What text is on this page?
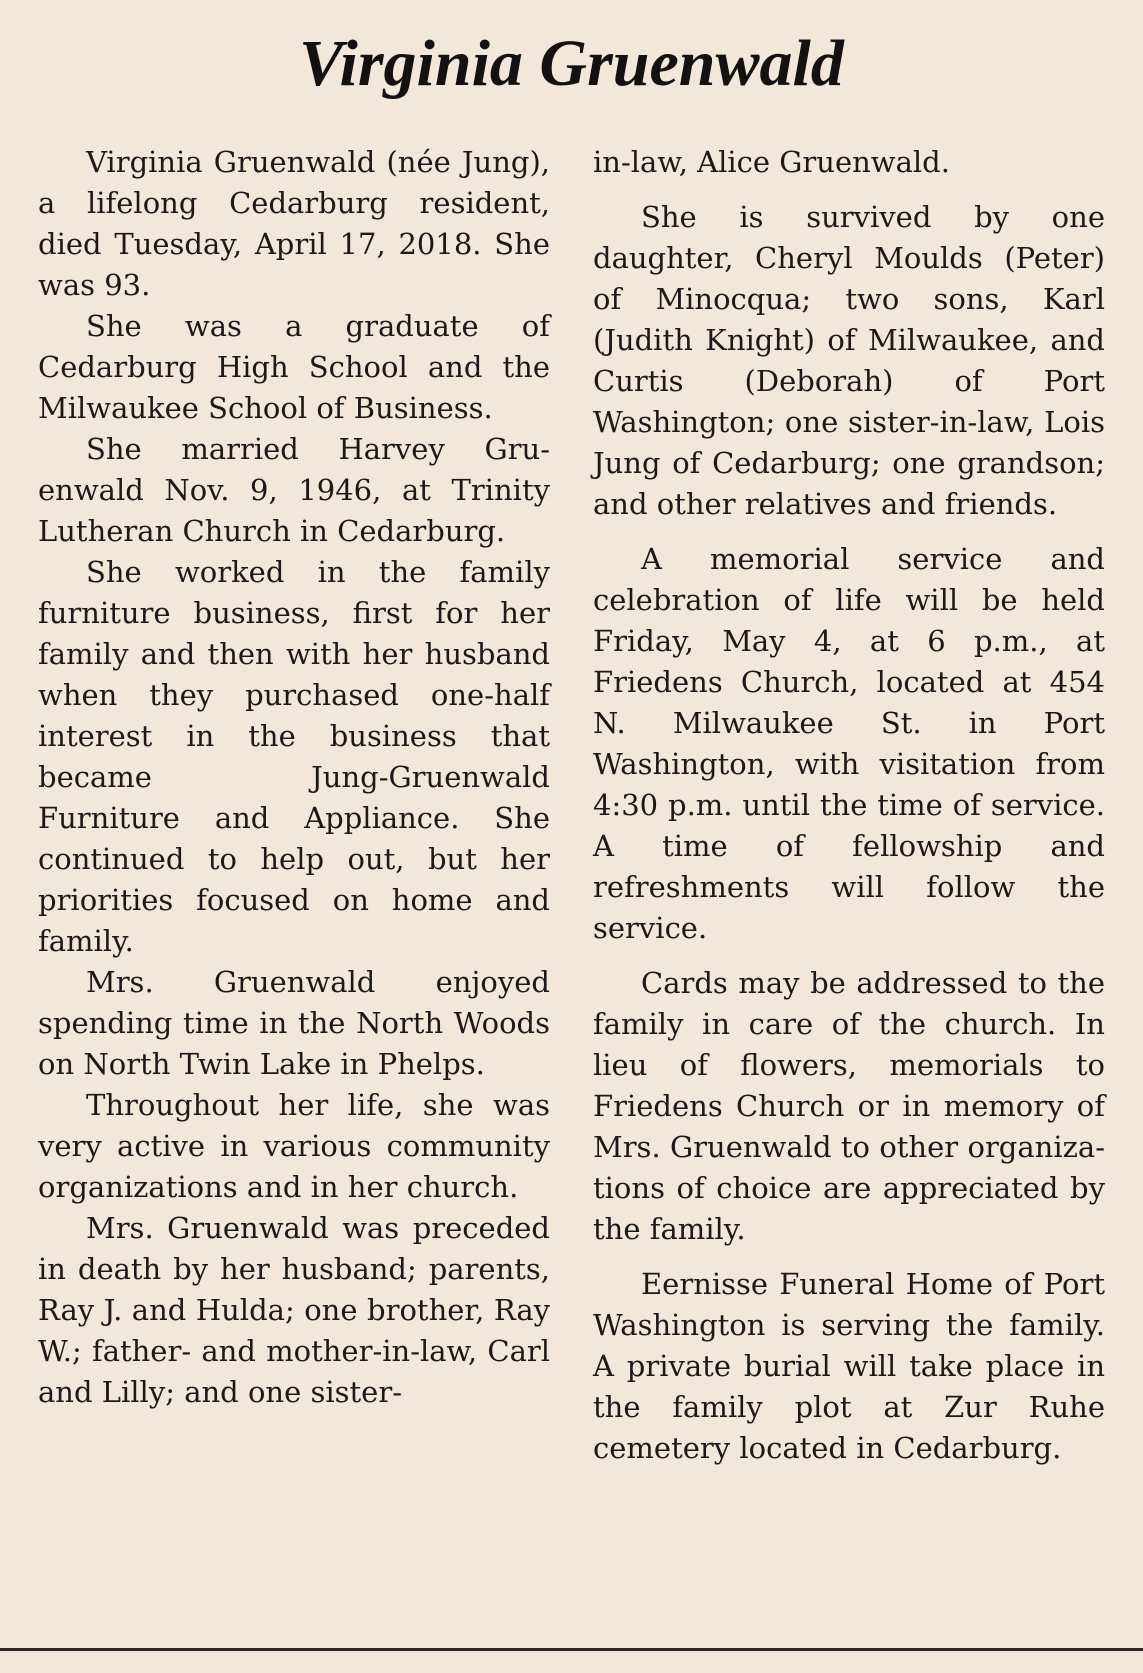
Virginia Gruenwald

Virginia Gruenwald (née Jung), a lifelong Cedarburg resident, died Tuesday, April 17, 2018. She was 93.

She was a graduate of Cedarburg High School and the Milwaukee School of Business.

She married Harvey Gruenwald Nov. 9, 1946, at Trinity Lutheran Church in Cedarburg.

She worked in the family furniture business, first for her family and then with her husband when they purchased one-half interest in the business that became Jung-Gruenwald Furniture and Appliance. She continued to help out, but her priorities focused on home and family.

Mrs. Gruenwald enjoyed spending time in the North Woods on North Twin Lake in Phelps.

Throughout her life, she was very active in various community organizations and in her church.

Mrs. Gruenwald was preceded in death by her husband; parents, Ray J. and Hulda; one brother, Ray W.; father- and mother-in-law, Carl and Lilly; and one sister-

in-law, Alice Gruenwald.

She is survived by one daughter, Cheryl Moulds (Peter) of Minocqua; two sons, Karl (Judith Knight) of Milwaukee, and Curtis (Deborah) of Port Washington; one sister-in-law, Lois Jung of Cedarburg; one grandson; and other relatives and friends.

A memorial service and celebration of life will be held Friday, May 4, at 6 p.m., at Friedens Church, located at 454 N. Milwaukee St. in Port Washington, with visitation from 4:30 p.m. until the time of service. A time of fellowship and refreshments will follow the service.

Cards may be addressed to the family in care of the church. In lieu of flowers, memorials to Friedens Church or in memory of Mrs. Gruenwald to other organizations of choice are appreciated by the family.

Eernisse Funeral Home of Port Washington is serving the family. A private burial will take place in the family plot at Zur Ruhe cemetery located in Cedarburg.
